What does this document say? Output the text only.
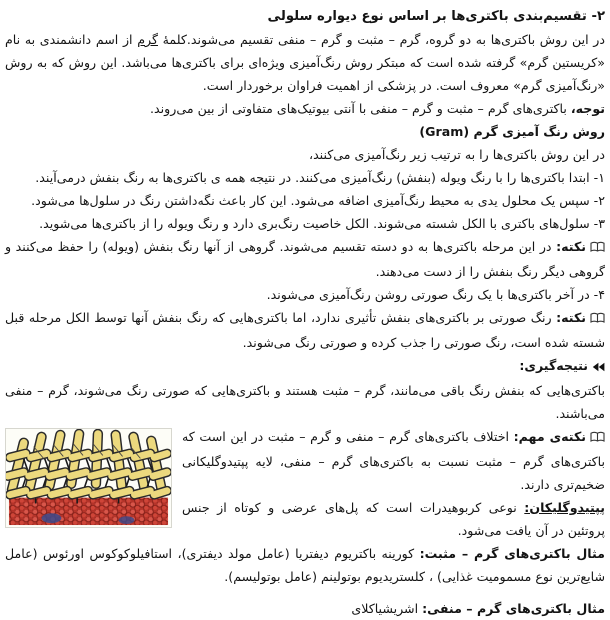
۲- تقسیم‌بندی باکتری‌ها بر اساس نوع دیواره سلولی

در این روش باکتری‌ها به دو گروه، گرم – مثبت و گرم – منفی تقسیم می‌شوند.کلمهٔ گرم از اسم دانشمندی به نام «کریستین گرم» گرفته شده است که مبتکر روش رنگ‌آمیزی ویژه‌ای برای باکتری‌ها می‌باشد. این روش که به روش «رنگ‌آمیزی گرم» معروف است. در پزشکی از اهمیت فراوان برخوردار است.

توجه، باکتری‌های گرم – مثبت و گرم – منفی با آنتی بیوتیک‌های متفاوتی از بین می‌روند.

روش رنگ آمیزی گرم (Gram)

در این روش باکتری‌ها را به ترتیب زیر رنگ‌آمیزی می‌کنند،

۱- ابتدا باکتری‌ها را با رنگ ویوله (بنفش) رنگ‌آمیزی می‌کنند. در نتیجه همه ی باکتری‌ها به رنگ بنفش درمی‌آیند.

۲- سپس یک محلول یدی به محیط رنگ‌آمیزی اضافه می‌شود. این کار باعث نگه‌داشتن رنگ در سلول‌ها می‌شود.

۳- سلول‌های باکتری با الکل شسته می‌شوند. الکل خاصیت رنگ‌بری دارد و رنگ ویوله را از باکتری‌ها می‌شوید.

نکته: در این مرحله باکتری‌ها به دو دسته تقسیم می‌شوند. گروهی از آنها رنگ بنفش (ویوله) را حفظ می‌کنند و گروهی دیگر رنگ بنفش را از دست می‌دهند.

۴- در آخر باکتری‌ها با یک رنگ صورتی روشن رنگ‌آمیزی می‌شوند.

نکته: رنگ صورتی بر باکتری‌های بنفش تأثیری ندارد، اما باکتری‌هایی که رنگ بنفش آنها توسط الکل مرحله قبل شسته شده است، رنگ صورتی را جذب کرده و صورتی رنگ می‌شوند.

نتیجه‌گیری:

باکتری‌هایی که بنفش رنگ باقی می‌مانند، گرم – مثبت هستند و باکتری‌هایی که صورتی رنگ می‌شوند، گرم – منفی می‌باشند.

نکته‌ی مهم: اختلاف باکتری‌های گرم – منفی و گرم – مثبت در این است که باکتری‌های گرم – مثبت نسبت به باکتری‌های گرم – منفی، لایه پپتیدوگلیکانی ضخیم‌تری دارند.

پپتیدوگلیکان: نوعی کربوهیدرات است که پل‌های عرضی و کوتاه از جنس پروتئین در آن یافت می‌شود.

مثال باکتری‌های گرم – مثبت: کورینه باکتریوم دیفتریا (عامل مولد دیفتری)، استافیلوکوکوس اورئوس (عامل شایع‌ترین نوع مسمومیت غذایی) ، کلستریدیوم بوتولینم (عامل بوتولیسم).

مثال باکتری‌های گرم – منفی: اشریشیاکلای
